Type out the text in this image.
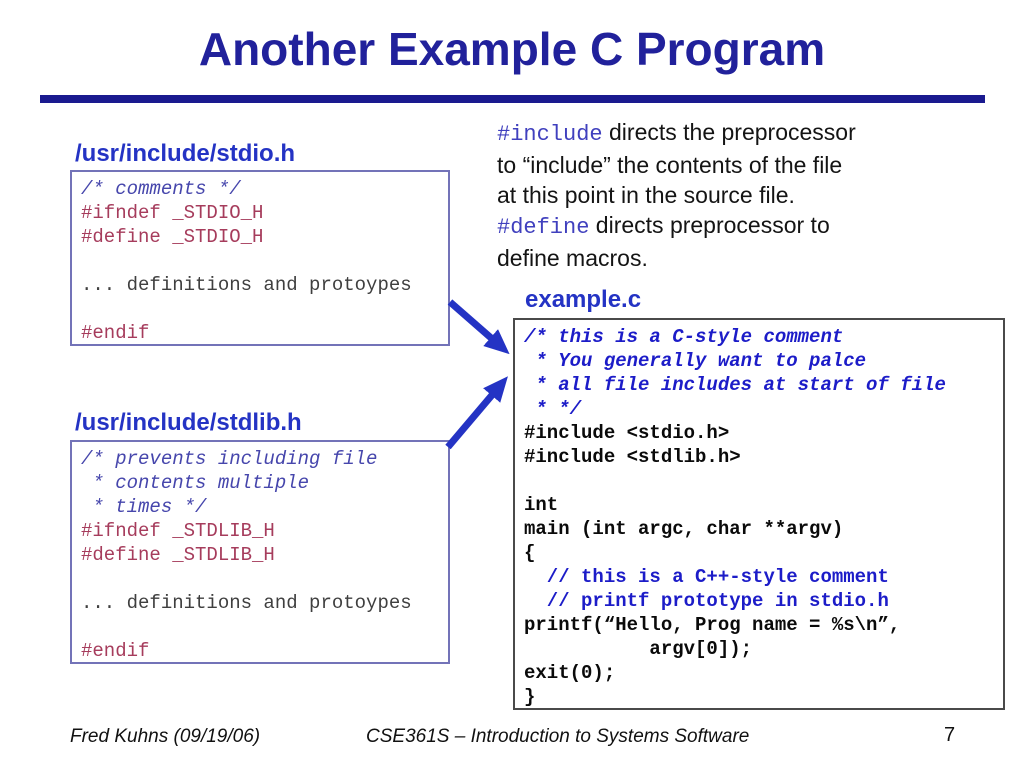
Another Example C Program
#include directs the preprocessor
to “include” the contents of the file
at this point in the source file.
#define directs preprocessor to
define macros.
/usr/include/stdio.h
/* comments */
#ifndef _STDIO_H
#define _STDIO_H
... definitions and protoypes
#endif
/usr/include/stdlib.h
/* prevents including file
* contents multiple
* times */
#ifndef _STDLIB_H
#define _STDLIB_H
... definitions and protoypes
#endif
example.c
/* this is a C-style comment
* You generally want to palce
* all file includes at start of file
* */
#include <stdio.h>
#include <stdlib.h>
int
main (int argc, char **argv)
{
// this is a C++-style comment
// printf prototype in stdio.h
printf(“Hello, Prog name = %s\n”,
argv[0]);
exit(0);
}
Fred Kuhns (09/19/06)	CSE361S – Introduction to Systems Software	7
